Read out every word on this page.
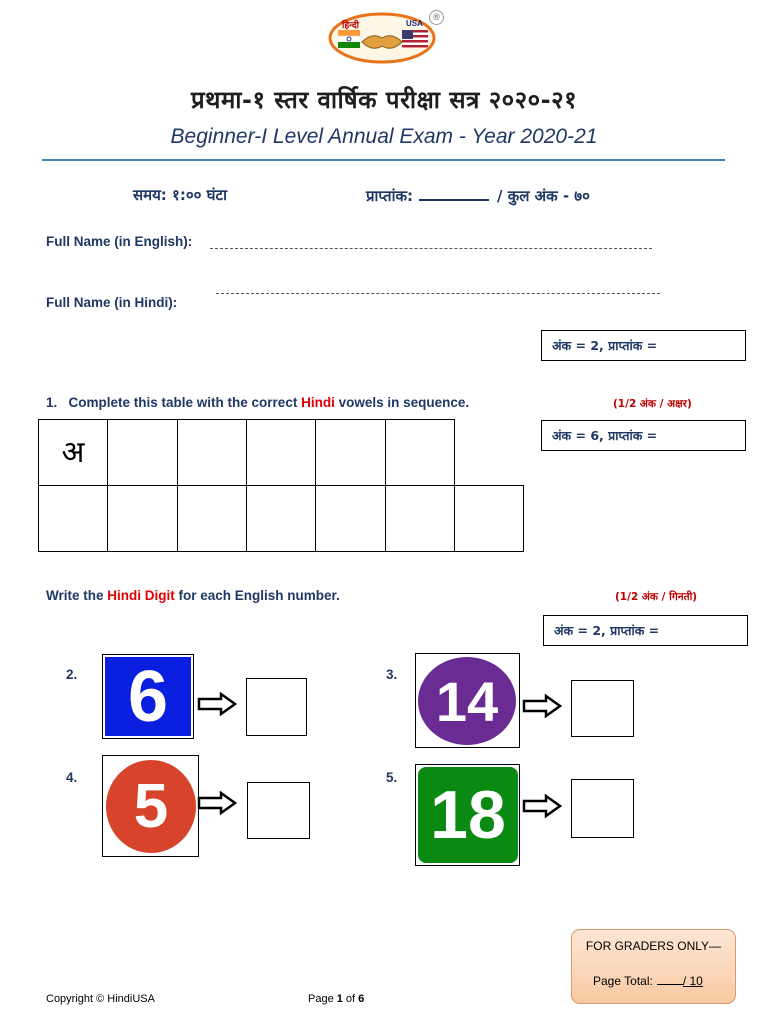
हिन्दी	USA
®
प्रथमा-१ स्तर वार्षिक परीक्षा सत्र २०२०-२१
Beginner-I Level Annual Exam - Year 2020-21
समय: १:०० घंटा	प्राप्तांक:	/ कुल अंक - ७०
Full Name (in English):
Full Name (in Hindi):
अंक = 2, प्राप्तांक =
1. Complete this table with the correct Hindi vowels in sequence.	(1/2 अंक / अक्षर)
अंक = 6, प्राप्तांक =
अ
Write the Hindi Digit for each English number.	(1/2 अंक / गिनती)
अंक = 2, प्राप्तांक =
2. 6	3. 14
4. 5	5. 18
FOR GRADERS ONLY—
Page Total:	/ 10
Copyright © HindiUSA	Page 1 of 6
